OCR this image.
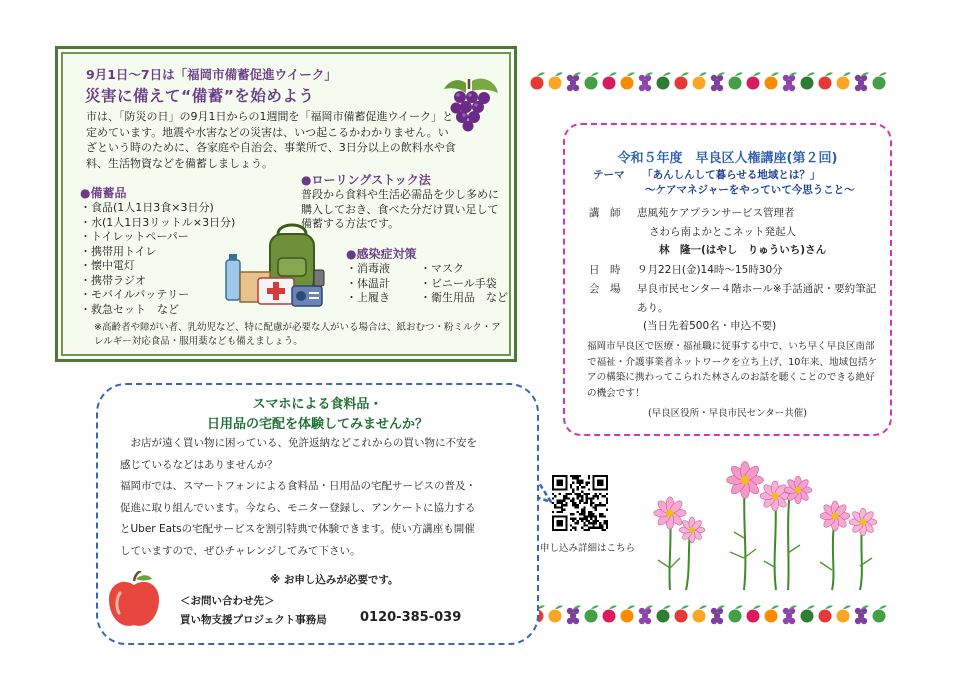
9月1日〜7日は「福岡市備蓄促進ウイーク」
災害に備えて“備蓄”を始めよう
市は、「防災の日」の9月1日からの1週間を「福岡市備蓄促進ウイーク」と定めています。地震や水害などの災害は、いつ起こるかわかりません。いざという時のために、各家庭や自治会、事業所で、3日分以上の飲料水や食料、生活物資などを備蓄しましょう。
●備蓄品
・食品(1人1日3食×3日分)
・水(1人1日3リットル×3日分)
・トイレットペーパー
・携帯用トイレ
・懐中電灯
・携帯ラジオ
・モバイルバッテリー
・救急セット　など
●ローリングストック法
普段から食料や生活必需品を少し多めに購入しておき、食べた分だけ買い足して備蓄する方法です。
●感染症対策
・消毒液	・マスク
・体温計	・ビニール手袋
・上履き	・衛生用品　など
※高齢者や障がい者、乳幼児など、特に配慮が必要な人がいる場合は、紙おむつ・粉ミルク・アレルギー対応食品・服用薬なども備えましょう。
令和５年度　早良区人権講座(第２回)
テーマ 「あんしんして暮らせる地域とは？」
〜ケアマネジャーをやっていて今思うこと〜
講　師	恵風苑ケアプランサービス管理者
さわら南よかとこネット発起人
林　隆一(はやし　りゅういち)さん
日　時	９月22日(金)14時〜15時30分
会　場	早良市民センター４階ホール※手話通訳・要約筆記あり。
(当日先着500名・申込不要)
福岡市早良区で医療・福祉職に従事する中で、いち早く早良区南部で福祉・介護事業者ネットワークを立ち上げ、10年来、地域包括ケアの構築に携わってこられた林さんのお話を聴くことのできる絶好の機会です！
(早良区役所・早良市民センター共催)
スマホによる食料品・
日用品の宅配を体験してみませんか？
お店が遠く買い物に困っている、免許返納などこれからの買い物に不安を感じているなどはありませんか？
福岡市では、スマートフォンによる食料品・日用品の宅配サービスの普及・促進に取り組んでいます。今なら、モニター登録し、アンケートに協力するとUber Eatsの宅配サービスを割引特典で体験できます。使い方講座も開催していますので、ぜひチャレンジしてみて下さい。
※ お申し込みが必要です。
＜お問い合わせ先＞
買い物支援プロジェクト事務局	0120-385-039
申し込み詳細はこちら
